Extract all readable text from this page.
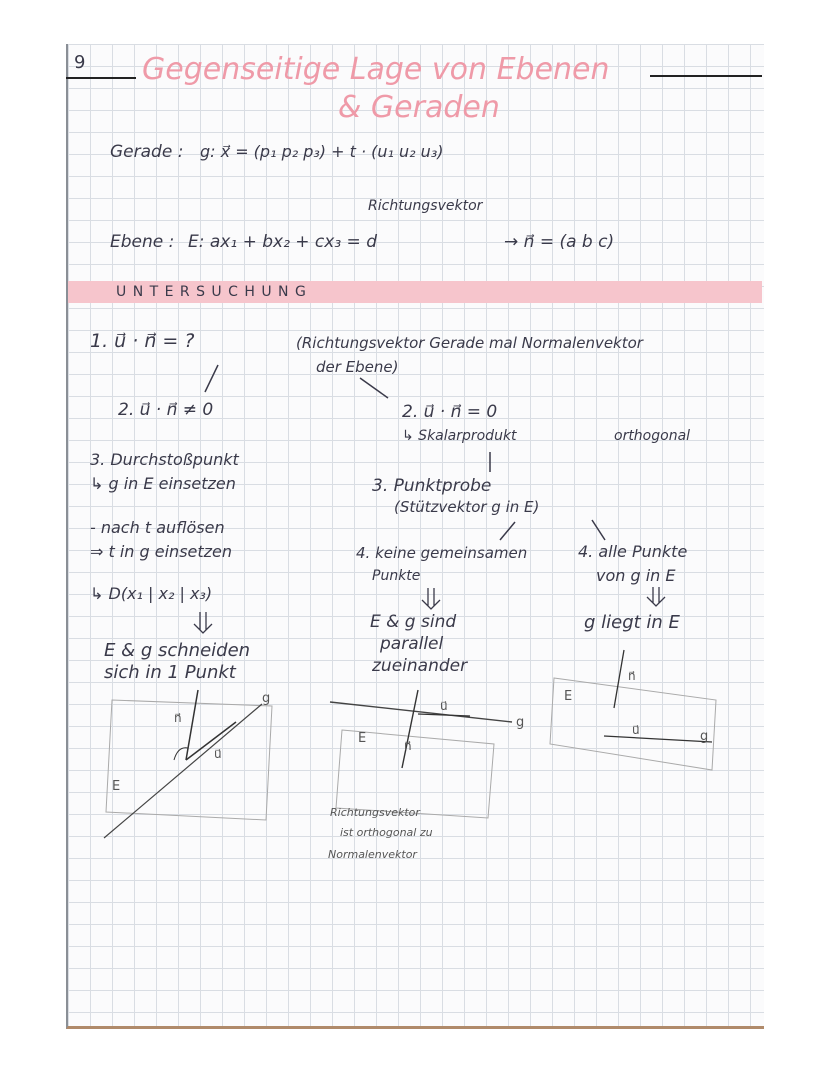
E
g
n⃗
u⃗
E
g
n⃗
u⃗
E
g
n⃗
u⃗
9 Gegenseitige Lage von Ebenen
& Geraden
Gerade : g: x⃗ = (p₁ p₂ p₃) + t · (u₁ u₂ u₃)
Richtungsvektor
Ebene : E: ax₁ + bx₂ + cx₃ = d	→ n⃗ = (a b c)
U N T E R S U C H U N G
1. u⃗ · n⃗ = ?	(Richtungsvektor Gerade mal Normalenvektor
der Ebene)
2. u⃗ · n⃗ ≠ 0
3. Durchstoßpunkt
↳ g in E einsetzen
- nach t auflösen
⇒ t in g einsetzen
↳ D(x₁ | x₂ | x₃)
E & g schneiden
sich in 1 Punkt
2. u⃗ · n⃗ = 0
↳ Skalarprodukt	orthogonal
3. Punktprobe
(Stützvektor g in E)
4. keine gemeinsamen
Punkte
E & g sind
parallel
zueinander
Richtungsvektor
ist orthogonal zu
Normalenvektor
4. alle Punkte
von g in E
g liegt in E
